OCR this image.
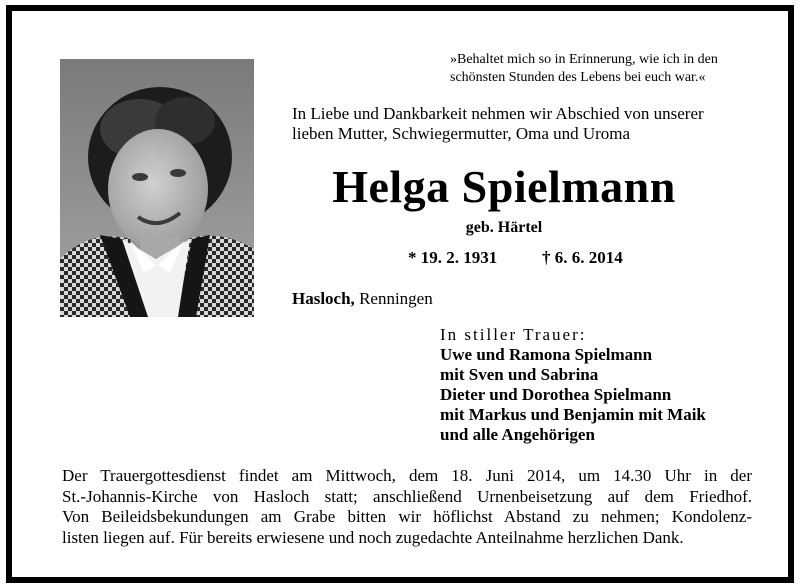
»Behaltet mich so in Erinnerung, wie ich in den
schönsten Stunden des Lebens bei euch war.«
In Liebe und Dankbarkeit nehmen wir Abschied von unserer
lieben Mutter, Schwiegermutter, Oma und Uroma
Helga Spielmann
geb. Härtel
* 19. 2. 1931	† 6. 6. 2014
Hasloch, Renningen
In stiller Trauer:
Uwe und Ramona Spielmann
mit Sven und Sabrina
Dieter und Dorothea Spielmann
mit Markus und Benjamin mit Maik
und alle Angehörigen
Der Trauergottesdienst findet am Mittwoch, dem 18. Juni 2014, um 14.30 Uhr in der
St.-Johannis-Kirche von Hasloch statt; anschließend Urnenbeisetzung auf dem Friedhof.
Von Beileidsbekundungen am Grabe bitten wir höflichst Abstand zu nehmen; Kondolenz-
listen liegen auf. Für bereits erwiesene und noch zugedachte Anteilnahme herzlichen Dank.
